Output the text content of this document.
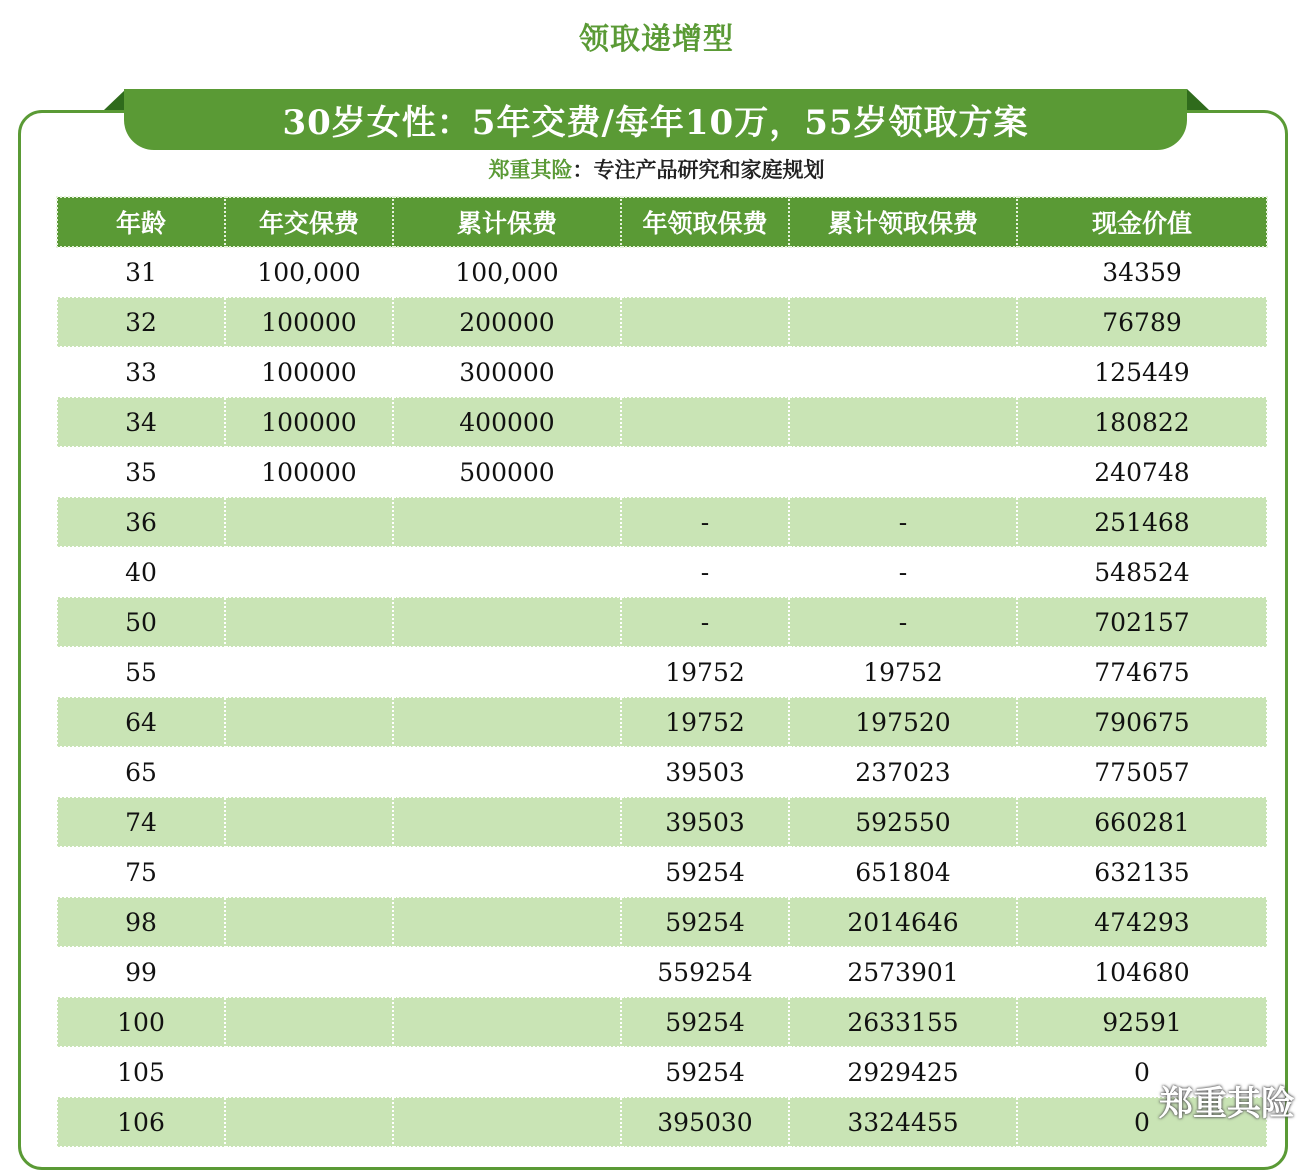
领取递增型
30岁女性：5年交费/每年10万，55岁领取方案
郑重其险：专注产品研究和家庭规划
年龄	年交保费	累计保费	年领取保费	累计领取保费	现金价值
31	100,000	100,000			34359
32	100000	200000			76789
33	100000	300000			125449
34	100000	400000			180822
35	100000	500000			240748
36			-	-	251468
40			-	-	548524
50			-	-	702157
55			19752	19752	774675
64			19752	197520	790675
65			39503	237023	775057
74			39503	592550	660281
75			59254	651804	632135
98			59254	2014646	474293
99			559254	2573901	104680
100			59254	2633155	92591
105			59254	2929425	0
106			395030	3324455	0 郑重其险
